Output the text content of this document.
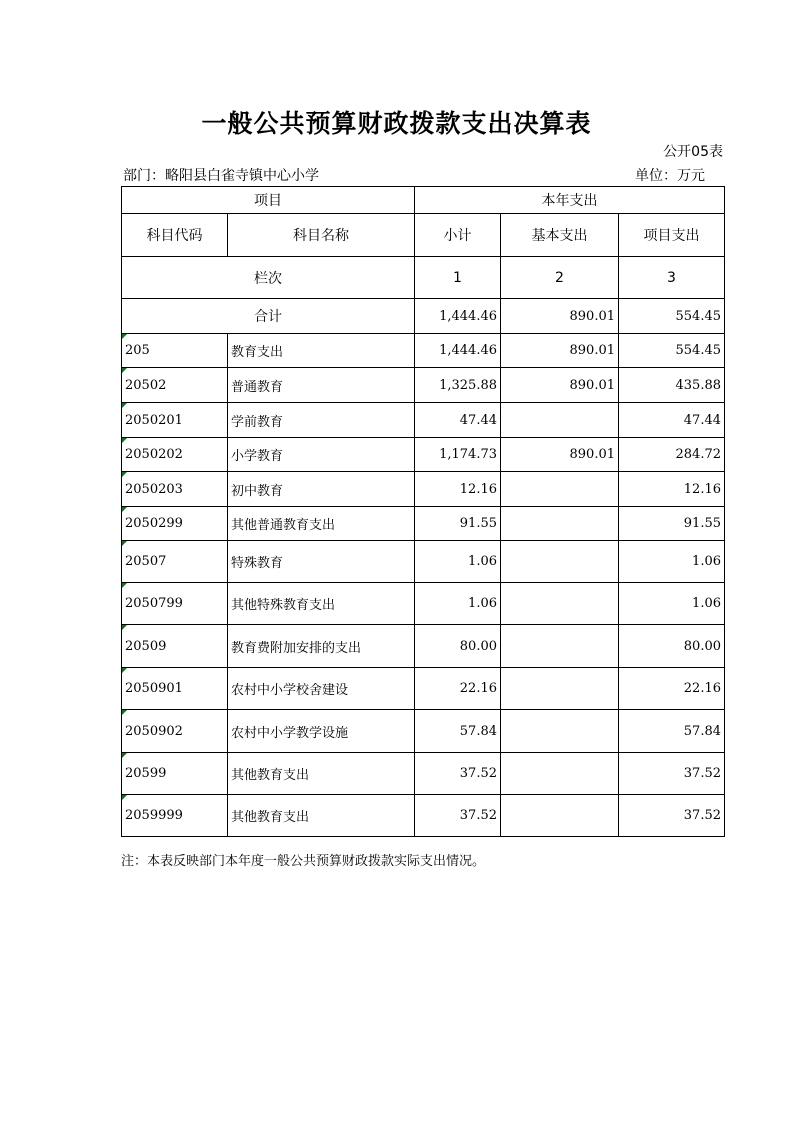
一般公共预算财政拨款支出决算表
公开05表
部门：略阳县白雀寺镇中心小学	单位：万元
项目		本年支出		
科目代码	科目名称	小计	基本支出	项目支出
栏次		1	2	3
合计		1,444.46	890.01	554.45
205	教育支出	1,444.46	890.01	554.45
20502	普通教育	1,325.88	890.01	435.88
2050201	学前教育	47.44		47.44
2050202	小学教育	1,174.73	890.01	284.72
2050203	初中教育	12.16		12.16
2050299	其他普通教育支出	91.55		91.55
20507	特殊教育	1.06		1.06
2050799	其他特殊教育支出	1.06		1.06
20509	教育费附加安排的支出	80.00		80.00
2050901	农村中小学校舍建设	22.16		22.16
2050902	农村中小学教学设施	57.84		57.84
20599	其他教育支出	37.52		37.52
2059999	其他教育支出	37.52		37.52
注：本表反映部门本年度一般公共预算财政拨款实际支出情况。
